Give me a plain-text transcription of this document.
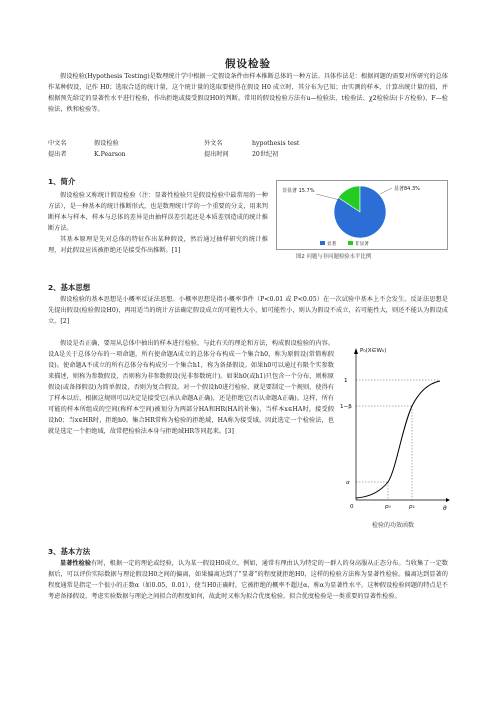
假设检验

假设检验(Hypothesis Testing)是数理统计学中根据一定假设条件由样本推断总体的一种方法。具体作法是：根据问题的需要对所研究的总体作某种假设，记作 H0；选取合适的统计量，这个统计量的选取要使得在假设 H0 成立时，其分布为已知；由实测的样本，计算出统计量的值，并根据预先给定的显著性水平进行检验，作出拒绝或接受假设H0的判断。常用的假设检验方法有u—检验法、t检验法、χ2检验法(卡方检验)、F—检验法，秩和检验等。

中文名	假设检验	外文名	hypothesis test
提出者	K.Pearson	提出时间	20世纪初
1、简介

假设检验又称统计假设检验（注：显著性检验只是假设检验中最常用的一种方法），是一种基本的统计推断形式，也是数理统计学的一个重要的分支，用来判断样本与样本，样本与总体的差异是由抽样误差引起还是本质差别造成的统计推断方法。

其基本原理是先对总体的特征作出某种假设，然后通过抽样研究的统计推理，对此假设应该被拒绝还是接受作出推断。[1]

非显著 15.7%	显著84.3%
显著	非显著
图2 问题与非问题检验水平比例
2、基本思想

假设检验的基本思想是小概率反证法思想。小概率思想是指小概率事件（P<0.01 或 P<0.05）在一次试验中基本上不会发生。反证法思想是先提出假设(检验假设H0)，再用适当的统计方法确定假设成立的可能性大小，如可能性小，则认为假设不成立，若可能性大，则还不能认为假设成立。[2]

假设是否正确，要用从总体中抽出的样本进行检验，与此有关的理论和方法，构成假设检验的内容。设A是关于总体分布的一项命题，所有使命题A成立的总体分布构成一个集合h0，称为原假设(常简称假设)。使命题A不成立的所有总体分布构成另一个集合h1，称为备择假设。如果h0可以通过有限个实参数来描述，则称为参数假设，否则称为非参数假设(见非参数统计)。如果h0(或h1)只包含一个分布，则称原假设(或备择假设)为简单假设，否则为复合假设。对一个假设h0进行检验，就是要制定一个规则，使得有了样本以后，根据这规则可以决定是接受它(承认命题A正确)，还是拒绝它(否认命题A正确)。这样，所有可能的样本所组成的空间(称样本空间)被划分为两部分HA和HR(HA的补集)，当样本x∈HA时，接受假设h0；当x∈HR时，拒绝h0。集合HR常称为检验的拒绝域，HA称为接受域。因此选定一个检验法，也就是选定一个拒绝域，故常把检验法本身与拒绝域HR等同起来。[3]

P₀(X∈W₀)
θ
1
1−β
α
0	p₀	p₁
检验的功效函数
3、基本方法

显著性检验有时，根据一定的理论或经验，认为某一假设H0成立，例如，通常有理由认为特定的一群人的身高服从正态分布。当收集了一定数据后，可以评价实际数据与理论假设H0之间的偏离，如果偏离达到了“显著”的程度就拒绝H0，这样的检验方法称为显著性检验。偏离达到显著的程度通常是指定一个很小的正数α（如0.05，0.01），使当H0正确时，它被拒绝的概率不超过α，称α为显著性水平。这种假设检验问题的特点是不考虑备择假设，考虑实验数据与理论之间拟合的程度如何，故此时又称为拟合优度检验。拟合优度检验是一类重要的显著性检验。
